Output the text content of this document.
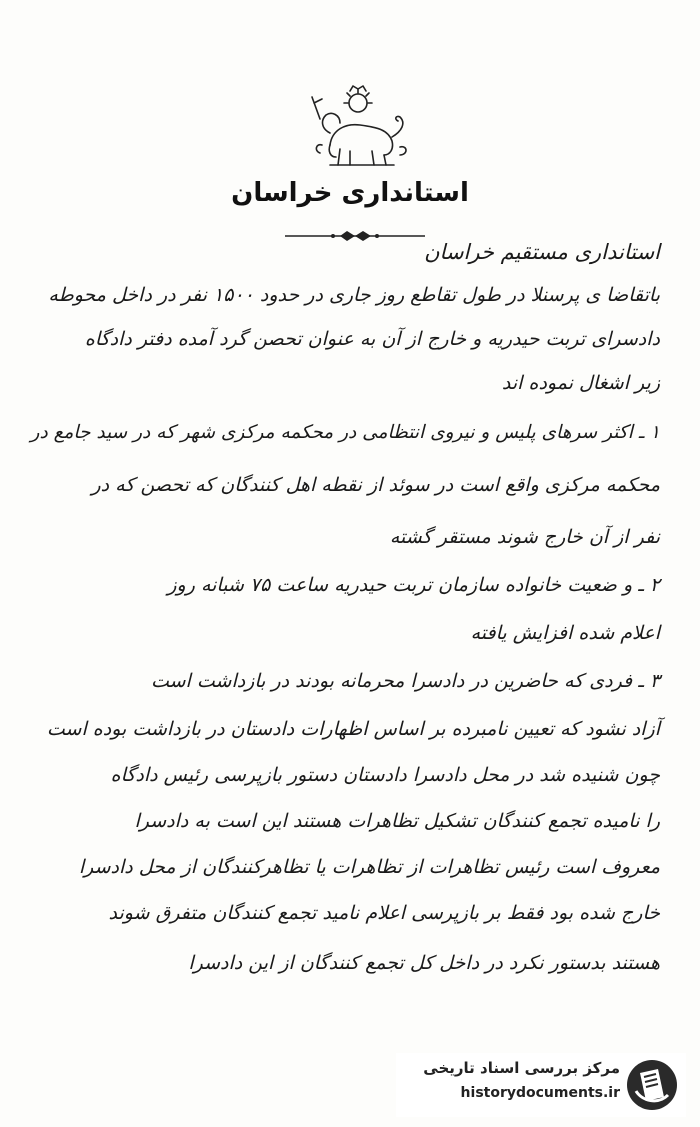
استانداری خراسان
استانداری مستقیم خراسان
باتقاضا ی پرسنلا در طول تقاطع روز جاری در حدود ۱۵۰۰ نفر در داخل محوطه
دادسرای تربت حیدریه و خارج از آن به عنوان تحصن گرد آمده دفتر دادگاه
زیر اشغال نموده اند
۱ ـ اکثر سرهای پلیس و نیروی انتظامی در محکمه مرکزی شهر که در سید جامع در
محکمه مرکزی واقع است در سوئد از نقطه اهل کنندگان که تحصن که در
نفر از آن خارج شوند مستقر گشته
۲ ـ و ضعیت خانواده سازمان تربت حیدریه ساعت ۷۵ شبانه روز
اعلام شده افزایش یافته
۳ ـ فردی که حاضرین در دادسرا محرمانه بودند در بازداشت است
آزاد نشود که تعیین نامبرده بر اساس اظهارات دادستان در بازداشت بوده است
چون شنیده شد در محل دادسرا دادستان دستور بازپرسی رئیس دادگاه
را نامیده تجمع کنندگان تشکیل تظاهرات هستند این است به دادسرا
معروف است رئیس تظاهرات از تظاهرات یا تظاهرکنندگان از محل دادسرا
خارج شده بود فقط بر بازپرسی اعلام نامید تجمع کنندگان متفرق شوند
هستند بدستور نکرد در داخل کل تجمع کنندگان از این دادسرا
مرکز بررسی اسناد تاریخی
historydocuments.ir
